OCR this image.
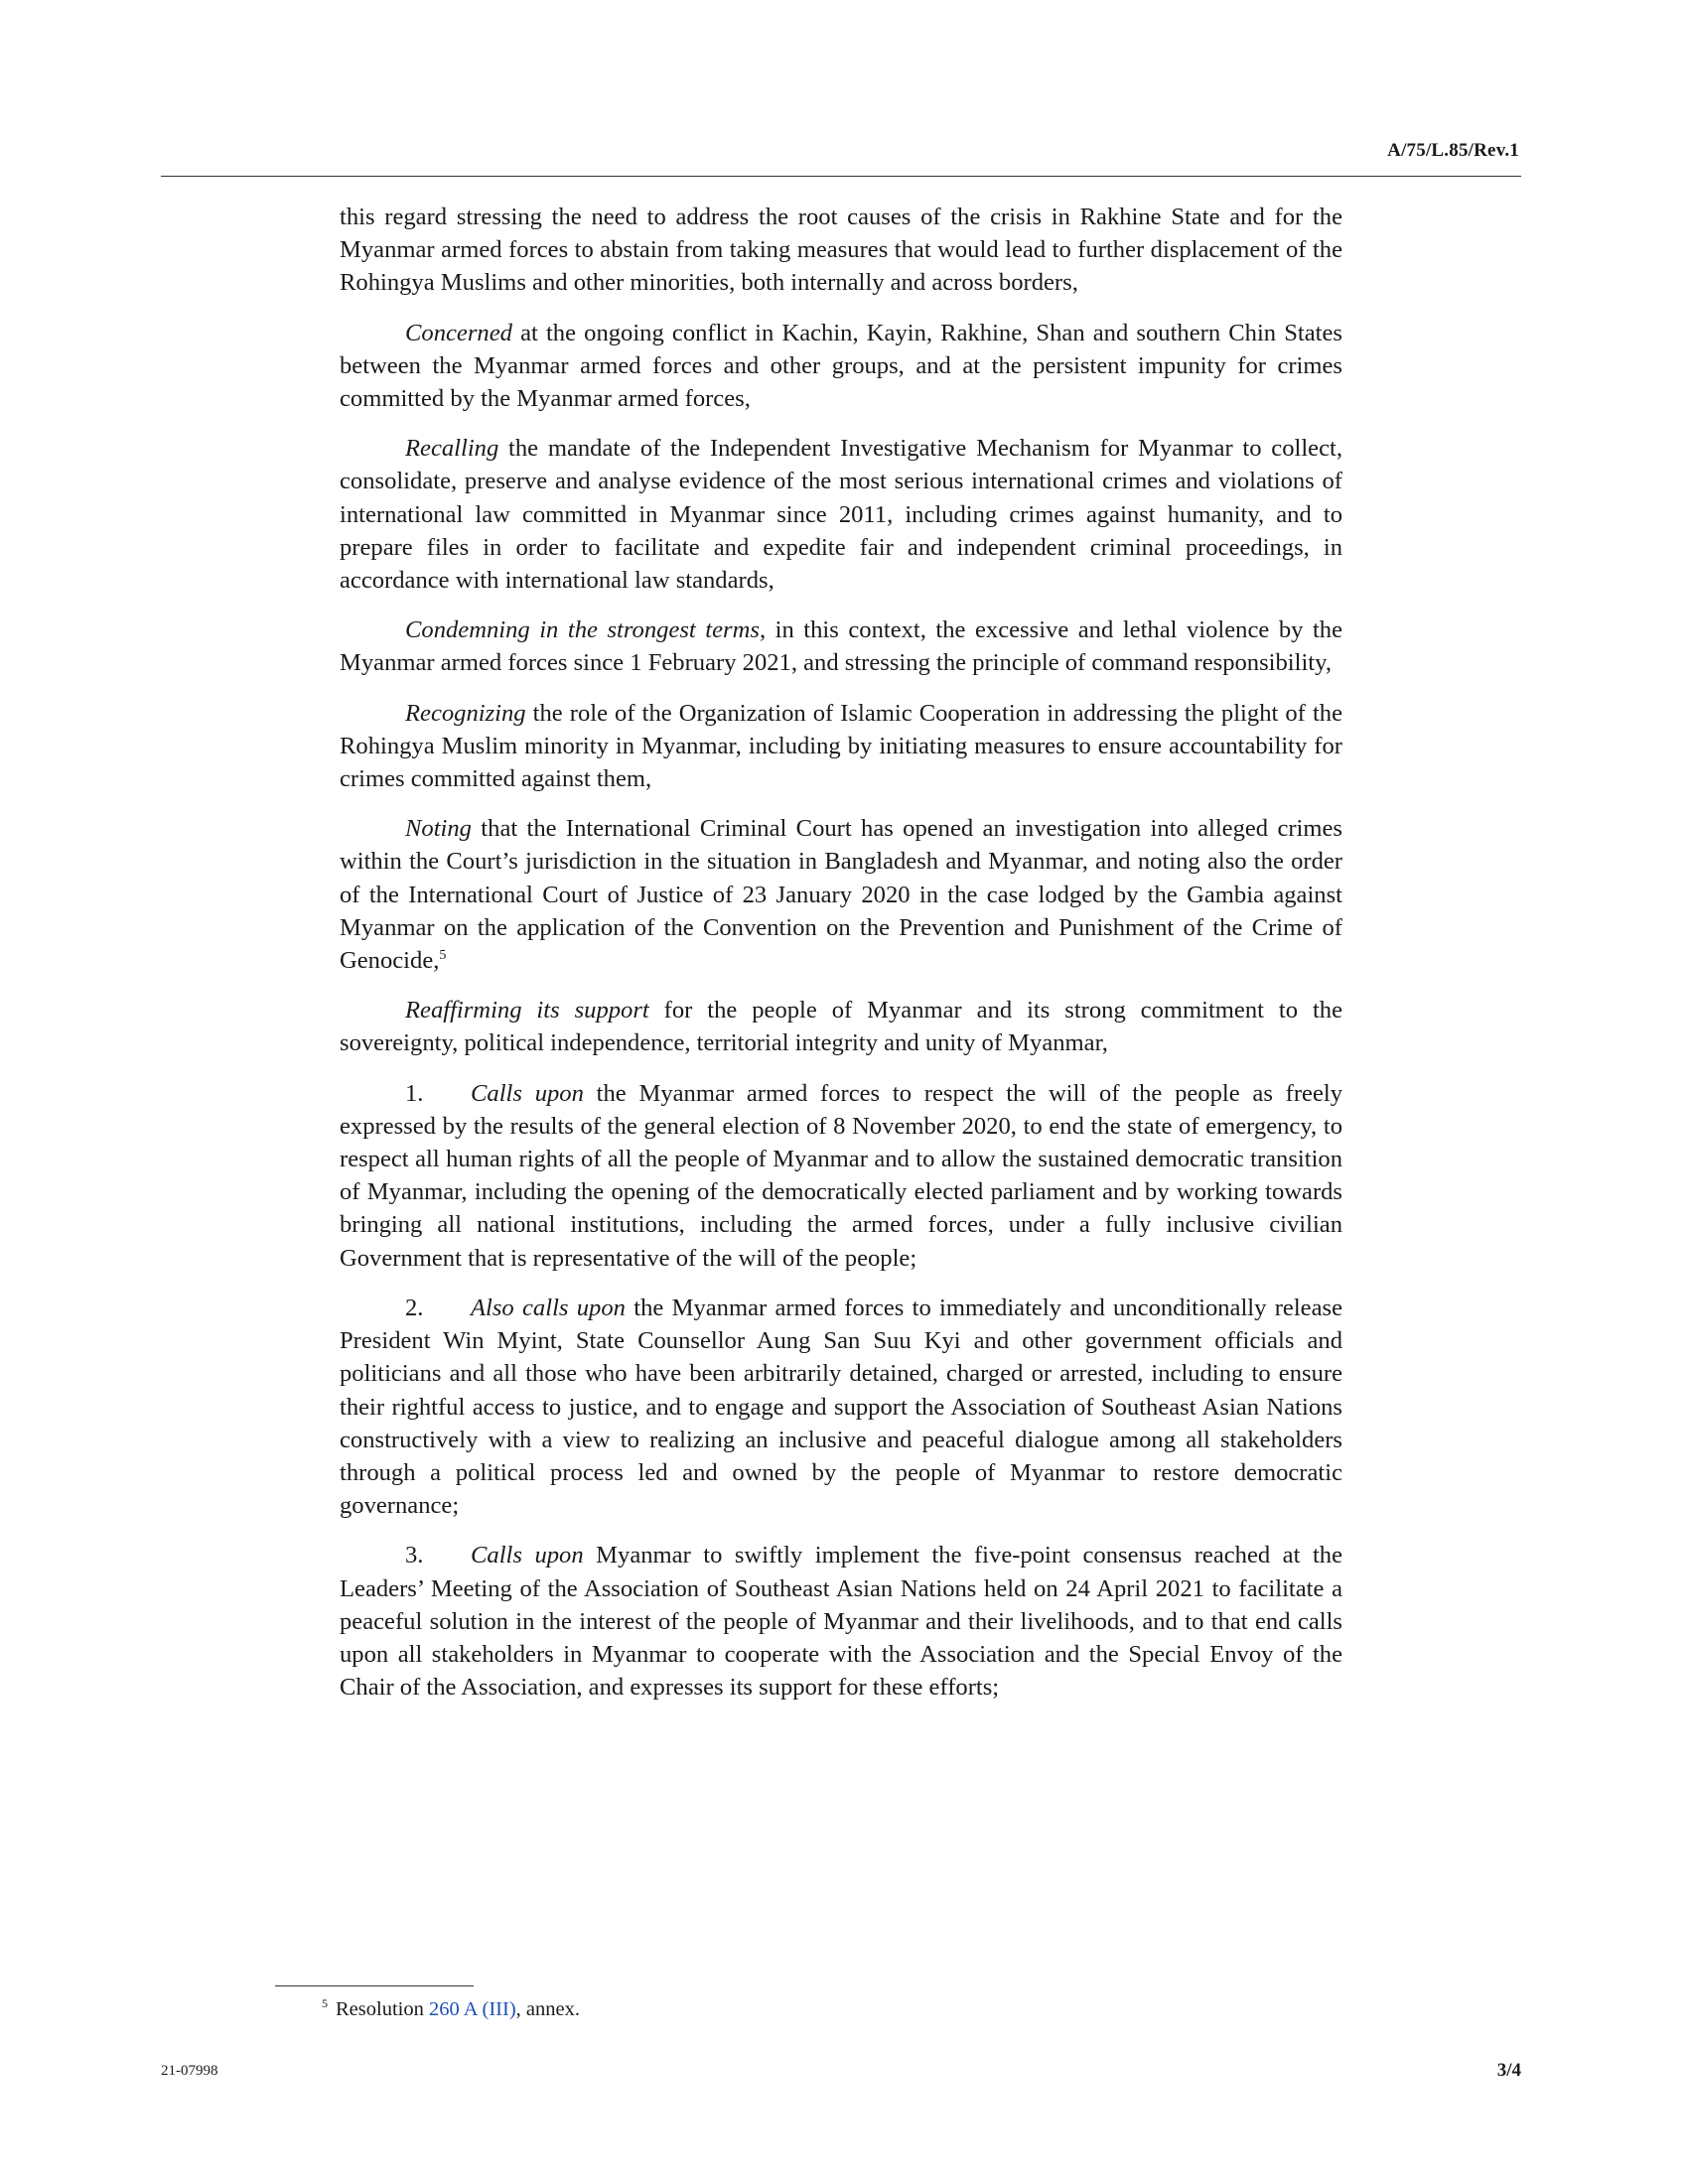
A/75/L.85/Rev.1

this regard stressing the need to address the root causes of the crisis in Rakhine State and for the Myanmar armed forces to abstain from taking measures that would lead to further displacement of the Rohingya Muslims and other minorities, both internally and across borders,

Concerned at the ongoing conflict in Kachin, Kayin, Rakhine, Shan and southern Chin States between the Myanmar armed forces and other groups, and at the persistent impunity for crimes committed by the Myanmar armed forces,

Recalling the mandate of the Independent Investigative Mechanism for Myanmar to collect, consolidate, preserve and analyse evidence of the most serious international crimes and violations of international law committed in Myanmar since 2011, including crimes against humanity, and to prepare files in order to facilitate and expedite fair and independent criminal proceedings, in accordance with international law standards,

Condemning in the strongest terms, in this context, the excessive and lethal violence by the Myanmar armed forces since 1 February 2021, and stressing the principle of command responsibility,

Recognizing the role of the Organization of Islamic Cooperation in addressing the plight of the Rohingya Muslim minority in Myanmar, including by initiating measures to ensure accountability for crimes committed against them,

Noting that the International Criminal Court has opened an investigation into alleged crimes within the Court’s jurisdiction in the situation in Bangladesh and Myanmar, and noting also the order of the International Court of Justice of 23 January 2020 in the case lodged by the Gambia against Myanmar on the application of the Convention on the Prevention and Punishment of the Crime of Genocide,$^5$

Reaffirming its support for the people of Myanmar and its strong commitment to the sovereignty, political independence, territorial integrity and unity of Myanmar,

1. Calls upon the Myanmar armed forces to respect the will of the people as freely expressed by the results of the general election of 8 November 2020, to end the state of emergency, to respect all human rights of all the people of Myanmar and to allow the sustained democratic transition of Myanmar, including the opening of the democratically elected parliament and by working towards bringing all national institutions, including the armed forces, under a fully inclusive civilian Government that is representative of the will of the people;

2. Also calls upon the Myanmar armed forces to immediately and unconditionally release President Win Myint, State Counsellor Aung San Suu Kyi and other government officials and politicians and all those who have been arbitrarily detained, charged or arrested, including to ensure their rightful access to justice, and to engage and support the Association of Southeast Asian Nations constructively with a view to realizing an inclusive and peaceful dialogue among all stakeholders through a political process led and owned by the people of Myanmar to restore democratic governance;

3. Calls upon Myanmar to swiftly implement the five-point consensus reached at the Leaders’ Meeting of the Association of Southeast Asian Nations held on 24 April 2021 to facilitate a peaceful solution in the interest of the people of Myanmar and their livelihoods, and to that end calls upon all stakeholders in Myanmar to cooperate with the Association and the Special Envoy of the Chair of the Association, and expresses its support for these efforts;

$^5$ Resolution 260 A (III), annex.
21-07998	3/4
